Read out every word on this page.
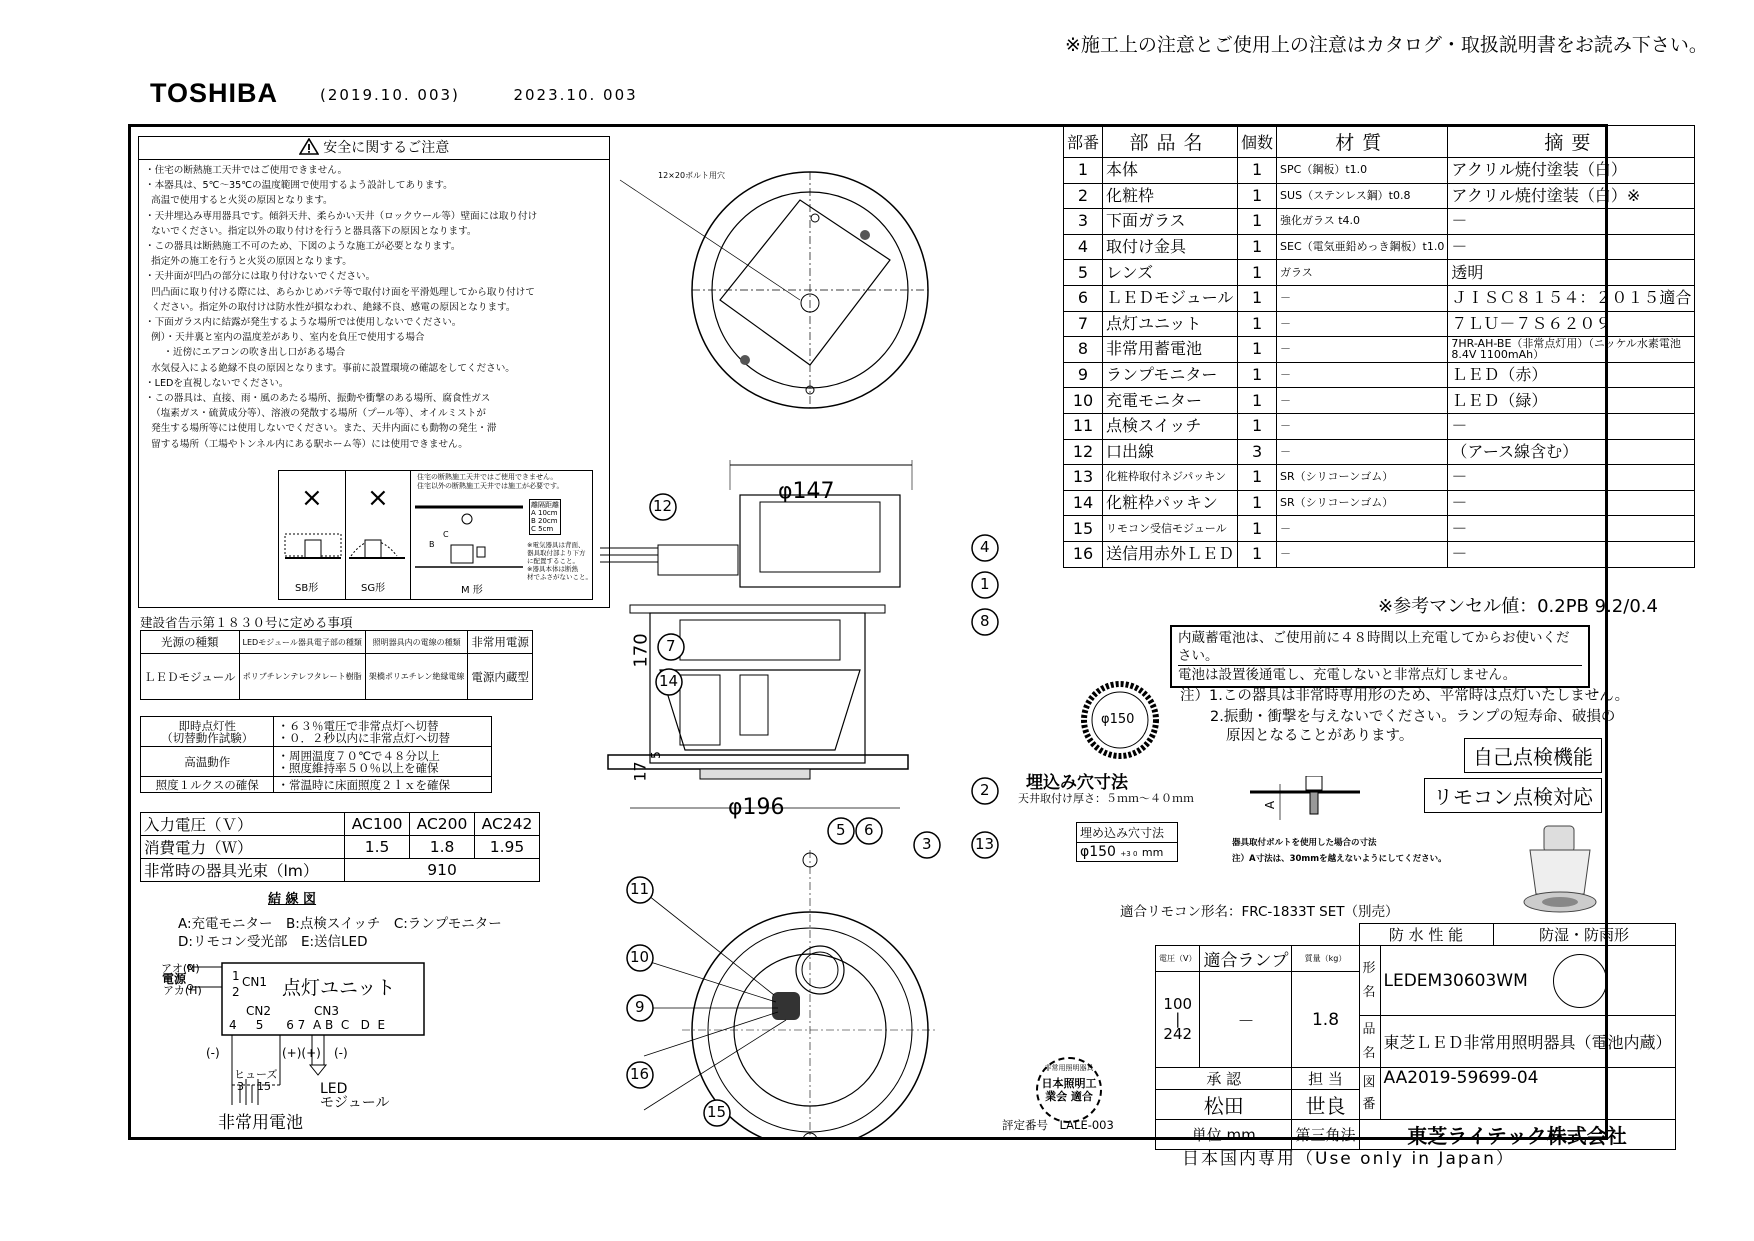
※施工上の注意とご使用上の注意はカタログ・取扱説明書をお読み下さい。
TOSHIBA	(2019.10. 003)	2023.10. 003
安全に関するご注意
・住宅の断熱施工天井ではご使用できません。
・本器具は、5℃～35℃の温度範囲で使用するよう設計してあります。
高温で使用すると火災の原因となります。
・天井埋込み専用器具です。傾斜天井、柔らかい天井（ロックウール等）壁面には取り付け
ないでください。指定以外の取り付けを行うと器具落下の原因となります。
・この器具は断熱施工不可のため、下図のような施工が必要となります。
指定外の施工を行うと火災の原因となります。
・天井面が凹凸の部分には取り付けないでください。
凹凸面に取り付ける際には、あらかじめパテ等で取付け面を平滑処理してから取り付けて
ください。指定外の取付けは防水性が損なわれ、絶縁不良、感電の原因となります。
・下面ガラス内に結露が発生するような場所では使用しないでください。
例）・天井裏と室内の温度差があり、室内を負圧で使用する場合
・近傍にエアコンの吹き出し口がある場合
水気侵入による絶縁不良の原因となります。事前に設置環境の確認をしてください。
・LEDを直視しないでください。
・この器具は、直接、雨・風のあたる場所、振動や衝撃のある場所、腐食性ガス
（塩素ガス・硫黄成分等）、溶液の発散する場所（プール等）、オイルミストが
発生する場所等には使用しないでください。また、天井内面にも動物の発生・滞
留する場所（工場やトンネル内にある駅ホーム等）には使用できません。
× ×
SB形	SG形
住宅の断熱施工天井ではご使用できません。
住宅以外の断熱施工天井では施工が必要です。
B
C
M 形
離隔距離
A 10cm
B 20cm
C 5cm
※電気器具は背面、
器具取付部より下方
に配置すること。
※器具本体は断熱
材でふさがないこと。
建設省告示第１８３０号に定める事項
光源の種類	LEDモジュール器具電子部の種類	照明器具内の電線の種類	非常用電源
ＬＥＤモジュール	ポリブチレンテレフタレート樹脂	架橋ポリエチレン絶縁電線	電源内蔵型
即時点灯性
（切替動作試験）	・６３％電圧で非常点灯へ切替
・０．２秒以内に非常点灯へ切替
高温動作	・周囲温度７０℃で４８分以上
・照度維持率５０％以上を確保
照度１ルクスの確保	・常温時に床面照度２ｌｘを確保
入力電圧（Ｖ）	AC100	AC200	AC242
消費電力（Ｗ）	1.5	1.8	1.95
非常時の器具光束（lm）	910		
結 線 図
A:充電モニター　B:点検スイッチ　C:ランプモニター
D:リモコン受光部　E:送信LED
点灯ユニット
アオ(N)
アカ(H)
電源	1
2
CN1
CN2	CN3
4     5      6 7  A B  C   D  E
(-)	(+)(+) (-)
ヒューズ
3 1 5	LED
モジュール
非常用電池
12×20ボルト用穴
φ147
φ196
170
17
5
12
4
1
8
7
14
2
5 6
3	13
11
10
9
16
15
φ150
埋込み穴寸法
天井取付け厚さ：５ｍｍ～４０ｍｍ
埋め込み穴寸法
φ150 +3 0 mm
A
器具取付ボルトを使用した場合の寸法
注）A寸法は、30mmを越えないようにしてください。
適合リモコン形名：FRC-1833T SET（別売）
評定番号　LALE-003
非常用照明器具
日本照明工業会 適合
部番	部品名	個数	材質	摘要
1	本体	1	SPC（鋼板）t1.0	アクリル焼付塗装（白）
2	化粧枠	1	SUS（ステンレス鋼）t0.8	アクリル焼付塗装（白）※
3	下面ガラス	1	強化ガラス t4.0	－
4	取付け金具	1	SEC（電気亜鉛めっき鋼板）t1.0	－
5	レンズ	1	ガラス	透明
6	ＬＥＤモジュール	1	－	ＪＩＳＣ８１５４：２０１５適合
7	点灯ユニット	1	－	７ＬＵ－７Ｓ６２０９
8	非常用蓄電池	1	－	7HR-AH-BE（非常点灯用）（ニッケル水素電池 8.4V 1100mAh）
9	ランプモニター	1	－	ＬＥＤ（赤）
10	充電モニター	1	－	ＬＥＤ（緑）
11	点検スイッチ	1	－	－
12	口出線	3	－	（アース線含む）
13	化粧枠取付ネジパッキン	1	SR（シリコーンゴム）	－
14	化粧枠パッキン	1	SR（シリコーンゴム）	－
15	リモコン受信モジュール	1	－	－
16	送信用赤外ＬＥＤ	1	－	－
※参考マンセル値：0.2PB 9.2/0.4
内蔵蓄電池は、ご使用前に４８時間以上充電してからお使いください。
電池は設置後通電し、充電しないと非常点灯しません。
注）1.この器具は非常時専用形のため、平常時は点灯いたしません。
2.振動・衝撃を与えないでください。ランプの短寿命、破損の
原因となることがあります。
自己点検機能
リモコン点検対応
			防 水 性 能		防湿・防雨形
電圧（V）	適合ランプ	質量（kg）	形名	LEDEM30603WM	
100
|
242	－	1.8			
			品名	東芝ＬＥＤ非常用照明器具（電池内蔵）	
承 認		担 当	図番	AA2019-59699-04	
松田		世良			
単位 mm		第三角法	東芝ライテック株式会社		
日本国内専用（Use only in Japan）
